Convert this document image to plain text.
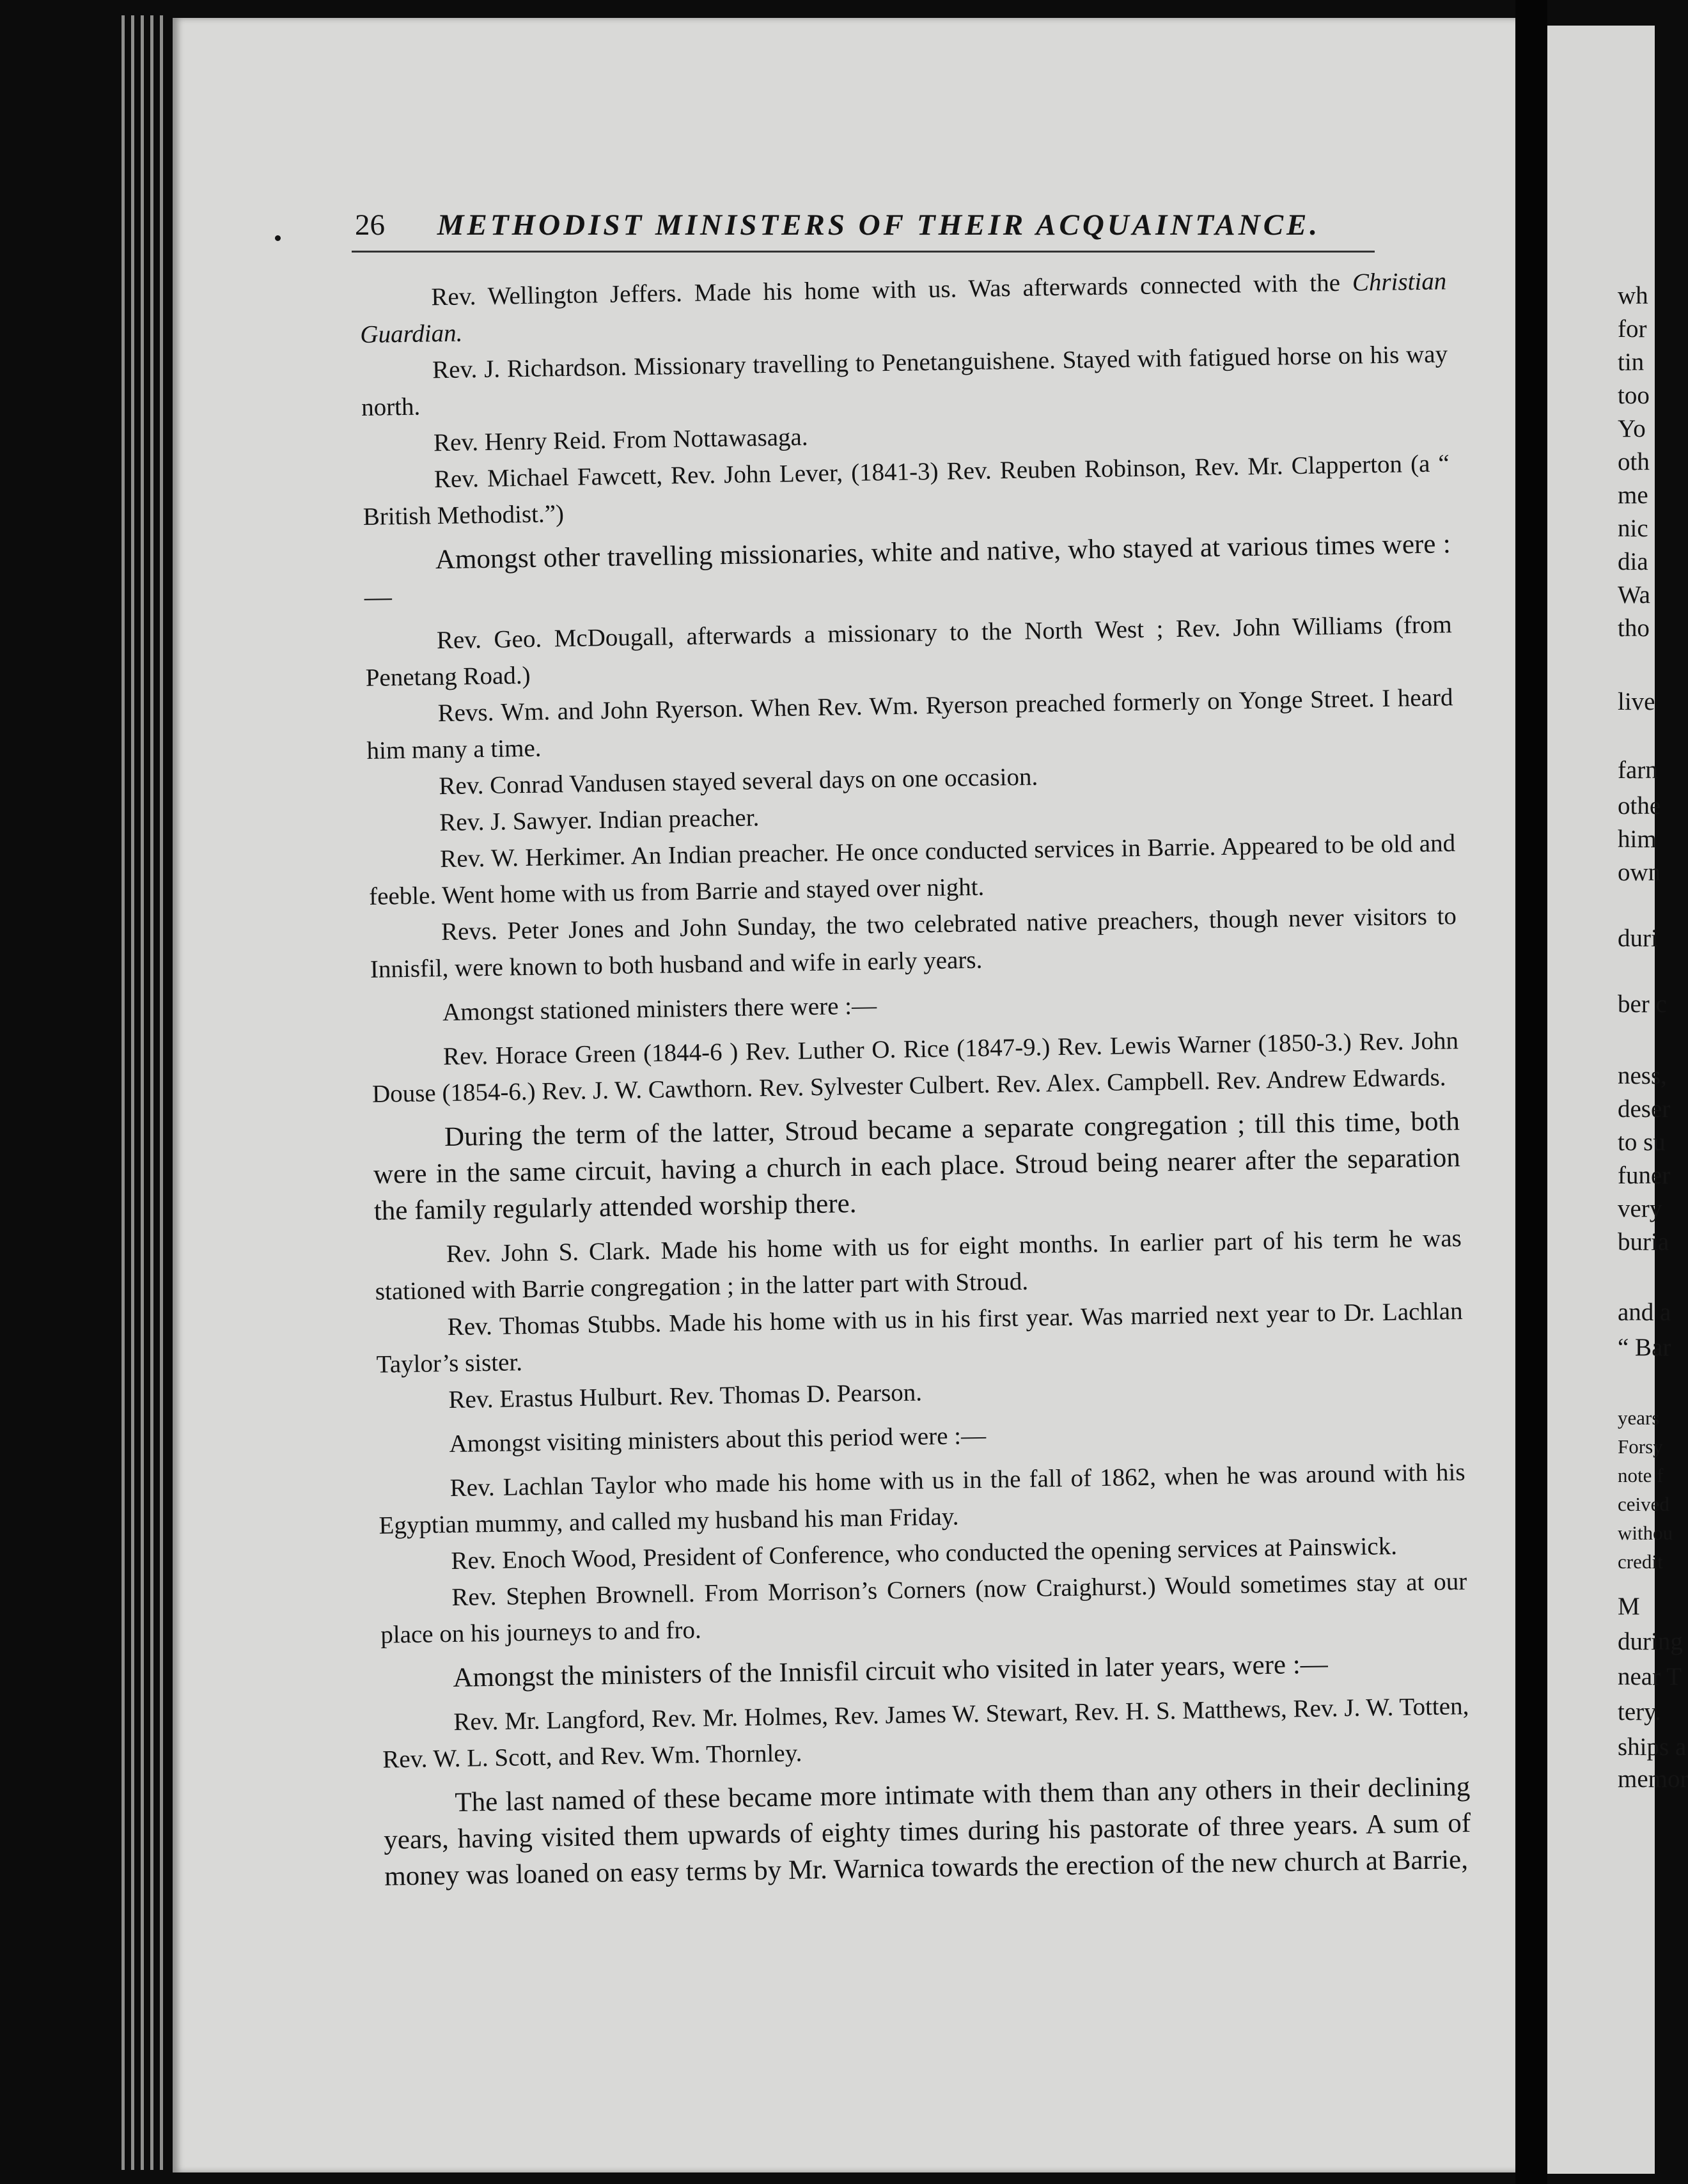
26 METHODIST MINISTERS OF THEIR ACQUAINTANCE.

Rev. Wellington Jeffers. Made his home with us. Was afterwards connected with the Christian Guardian.

Rev. J. Richardson. Missionary travelling to Penetanguishene. Stayed with fatigued horse on his way north.

Rev. Henry Reid. From Nottawasaga.

Rev. Michael Fawcett, Rev. John Lever, (1841-3) Rev. Reuben Robinson, Rev. Mr. Clapperton (a “ British Methodist.”)

Amongst other travelling missionaries, white and native, who stayed at various times were :—

Rev. Geo. McDougall, afterwards a missionary to the North West ; Rev. John Williams (from Penetang Road.)

Revs. Wm. and John Ryerson. When Rev. Wm. Ryerson preached formerly on Yonge Street. I heard him many a time.

Rev. Conrad Vandusen stayed several days on one occasion.

Rev. J. Sawyer. Indian preacher.

Rev. W. Herkimer. An Indian preacher. He once conducted services in Barrie. Appeared to be old and feeble. Went home with us from Barrie and stayed over night.

Revs. Peter Jones and John Sunday, the two celebrated native preachers, though never visitors to Innisfil, were known to both husband and wife in early years.

Amongst stationed ministers there were :—

Rev. Horace Green (1844-6 ) Rev. Luther O. Rice (1847-9.) Rev. Lewis Warner (1850-3.) Rev. John Douse (1854-6.) Rev. J. W. Cawthorn. Rev. Sylvester Culbert. Rev. Alex. Campbell. Rev. Andrew Edwards.

During the term of the latter, Stroud became a separate congregation ; till this time, both were in the same circuit, having a church in each place. Stroud being nearer after the separation the family regularly attended worship there.

Rev. John S. Clark. Made his home with us for eight months. In earlier part of his term he was stationed with Barrie congregation ; in the latter part with Stroud.

Rev. Thomas Stubbs. Made his home with us in his first year. Was married next year to Dr. Lachlan Taylor’s sister.

Rev. Erastus Hulburt. Rev. Thomas D. Pearson.

Amongst visiting ministers about this period were :—

Rev. Lachlan Taylor who made his home with us in the fall of 1862, when he was around with his Egyptian mummy, and called my husband his man Friday.

Rev. Enoch Wood, President of Conference, who conducted the opening services at Painswick.

Rev. Stephen Brownell. From Morrison’s Corners (now Craighurst.) Would sometimes stay at our place on his journeys to and fro.

Amongst the ministers of the Innisfil circuit who visited in later years, were :—

Rev. Mr. Langford, Rev. Mr. Holmes, Rev. James W. Stewart, Rev. H. S. Matthews, Rev. J. W. Totten, Rev. W. L. Scott, and Rev. Wm. Thornley.

The last named of these became more intimate with them than any others in their declining years, having visited them upwards of eighty times during his pastorate of three years. A sum of money was loaned on easy terms by Mr. Warnica towards the erection of the new church at Barrie,

wh
for
tin
too
Yo
oth
me
nic
dia
Wa
tho
live
farn
othe
him
own
duri
ber c
ness,
deser
to su
funer
very
buria
and a
“ Bar
years
Forsy
note f
ceived
withou
credit
M
during
near T
tery.
ships a
memor
